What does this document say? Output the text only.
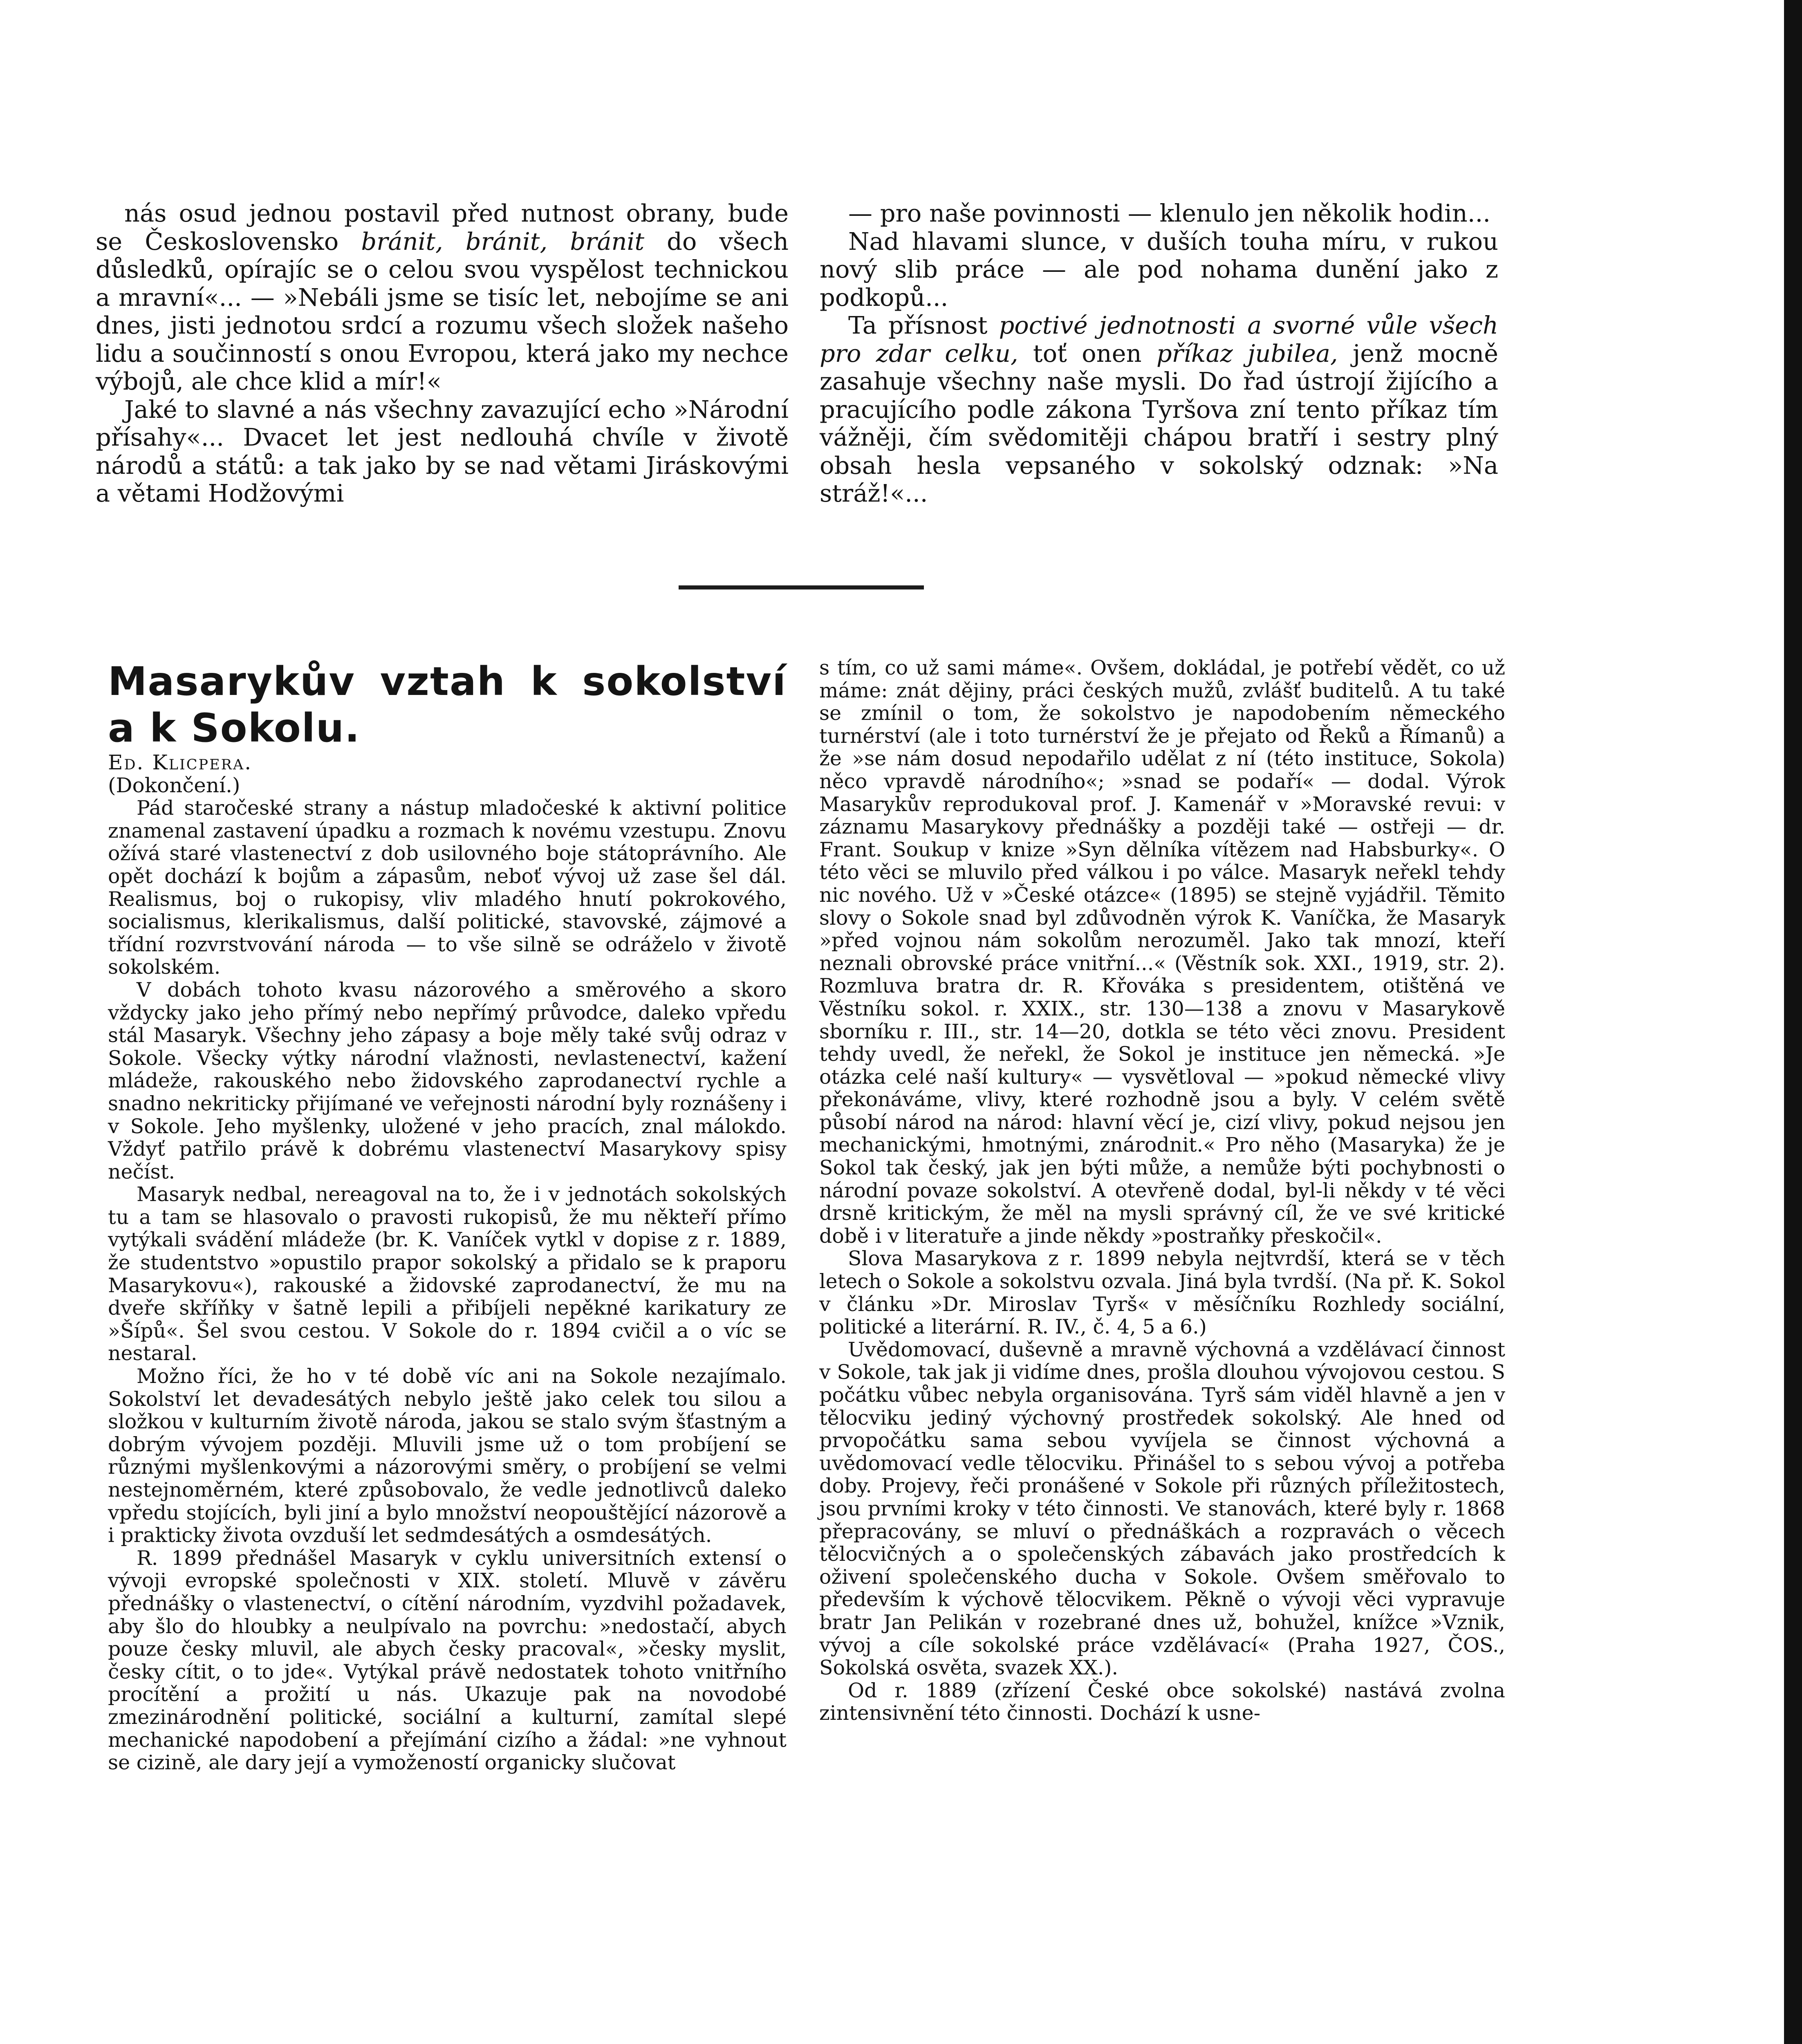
nás osud jednou postavil před nutnost obrany, bude se Československo bránit, bránit, bránit do všech důsledků, opírajíc se o celou svou vyspělost technickou a mravní«... — »Nebáli jsme se tisíc let, nebojíme se ani dnes, jisti jednotou srdcí a rozumu všech složek našeho lidu a součinností s onou Evropou, která jako my nechce výbojů, ale chce klid a mír!«

Jaké to slavné a nás všechny zavazující echo »Národní přísahy«... Dvacet let jest nedlouhá chvíle v životě národů a států: a tak jako by se nad větami Jiráskovými a větami Hodžovými

— pro naše povinnosti — klenulo jen několik hodin...

Nad hlavami slunce, v duších touha míru, v rukou nový slib práce — ale pod nohama dunění jako z podkopů...

Ta přísnost poctivé jednotnosti a svorné vůle všech pro zdar celku, toť onen příkaz jubilea, jenž mocně zasahuje všechny naše mysli. Do řad ústrojí žijícího a pracujícího podle zákona Tyršova zní tento příkaz tím vážněji, čím svědomitěji chápou bratří i sestry plný obsah hesla vepsaného v sokolský odznak: »Na stráž!«...

Masarykův vztah k sokolství a k Sokolu.

Ed. Klicpera.

(Dokončení.)

Pád staročeské strany a nástup mladočeské k aktivní politice znamenal zastavení úpadku a rozmach k novému vzestupu. Znovu ožívá staré vlastenectví z dob usilovného boje státoprávního. Ale opět dochází k bojům a zápasům, neboť vývoj už zase šel dál. Realismus, boj o rukopisy, vliv mladého hnutí pokrokového, socialismus, klerikalismus, další politické, stavovské, zájmové a třídní rozvrstvování národa — to vše silně se odráželo v životě sokolském.

V dobách tohoto kvasu názorového a směrového a skoro vždycky jako jeho přímý nebo nepřímý průvodce, daleko vpředu stál Masaryk. Všechny jeho zápasy a boje měly také svůj odraz v Sokole. Všecky výtky národní vlažnosti, nevlastenectví, kažení mládeže, rakouského nebo židovského zaprodanectví rychle a snadno nekriticky přijímané ve veřejnosti národní byly roznášeny i v Sokole. Jeho myšlenky, uložené v jeho pracích, znal málokdo. Vždyť patřilo právě k dobrému vlastenectví Masarykovy spisy nečíst.

Masaryk nedbal, nereagoval na to, že i v jednotách sokolských tu a tam se hlasovalo o pravosti rukopisů, že mu někteří přímo vytýkali svádění mládeže (br. K. Vaníček vytkl v dopise z r. 1889, že studentstvo »opustilo prapor sokolský a přidalo se k praporu Masarykovu«), rakouské a židovské zaprodanectví, že mu na dveře skříňky v šatně lepili a přibíjeli nepěkné karikatury ze »Šípů«. Šel svou cestou. V Sokole do r. 1894 cvičil a o víc se nestaral.

Možno říci, že ho v té době víc ani na Sokole nezajímalo. Sokolství let devadesátých nebylo ještě jako celek tou silou a složkou v kulturním životě národa, jakou se stalo svým šťastným a dobrým vývojem později. Mluvili jsme už o tom probíjení se různými myšlenkovými a názorovými směry, o probíjení se velmi nestejnoměrném, které způsobovalo, že vedle jednotlivců daleko vpředu stojících, byli jiní a bylo množství neopouštějící názorově a i prakticky života ovzduší let sedmdesátých a osmdesátých.

R. 1899 přednášel Masaryk v cyklu universitních extensí o vývoji evropské společnosti v XIX. století. Mluvě v závěru přednášky o vlastenectví, o cítění národním, vyzdvihl požadavek, aby šlo do hloubky a neulpívalo na povrchu: »nedostačí, abych pouze česky mluvil, ale abych česky pracoval«, »česky myslit, česky cítit, o to jde«. Vytýkal právě nedostatek tohoto vnitřního procítění a prožití u nás. Ukazuje pak na novodobé zmezinárodnění politické, sociální a kulturní, zamítal slepé mechanické napodobení a přejímání cizího a žádal: »ne vyhnout se cizině, ale dary její a vymožeností organicky slučovat

s tím, co už sami máme«. Ovšem, dokládal, je potřebí vědět, co už máme: znát dějiny, práci českých mužů, zvlášť buditelů. A tu také se zmínil o tom, že sokolstvo je napodobením německého turnérství (ale i toto turnérství že je přejato od Řeků a Římanů) a že »se nám dosud nepodařilo udělat z ní (této instituce, Sokola) něco vpravdě národního«; »snad se podaří« — dodal. Výrok Masarykův reprodukoval prof. J. Kamenář v »Moravské revui: v záznamu Masarykovy přednášky a později také — ostřeji — dr. Frant. Soukup v knize »Syn dělníka vítězem nad Habsburky«. O této věci se mluvilo před válkou i po válce. Masaryk neřekl tehdy nic nového. Už v »České otázce« (1895) se stejně vyjádřil. Těmito slovy o Sokole snad byl zdůvodněn výrok K. Vaníčka, že Masaryk »před vojnou nám sokolům nerozuměl. Jako tak mnozí, kteří neznali obrovské práce vnitřní...« (Věstník sok. XXI., 1919, str. 2). Rozmluva bratra dr. R. Křováka s presidentem, otištěná ve Věstníku sokol. r. XXIX., str. 130—138 a znovu v Masarykově sborníku r. III., str. 14—20, dotkla se této věci znovu. President tehdy uvedl, že neřekl, že Sokol je instituce jen německá. »Je otázka celé naší kultury« — vysvětloval — »pokud německé vlivy překonáváme, vlivy, které rozhodně jsou a byly. V celém světě působí národ na národ: hlavní věcí je, cizí vlivy, pokud nejsou jen mechanickými, hmotnými, znárodnit.« Pro něho (Masaryka) že je Sokol tak český, jak jen býti může, a nemůže býti pochybnosti o národní povaze sokolství. A otevřeně dodal, byl-li někdy v té věci drsně kritickým, že měl na mysli správný cíl, že ve své kritické době i v literatuře a jinde někdy »postraňky přeskočil«.

Slova Masarykova z r. 1899 nebyla nejtvrdší, která se v těch letech o Sokole a sokolstvu ozvala. Jiná byla tvrdší. (Na př. K. Sokol v článku »Dr. Miroslav Tyrš« v měsíčníku Rozhledy sociální, politické a literární. R. IV., č. 4, 5 a 6.)

Uvědomovací, duševně a mravně výchovná a vzdělávací činnost v Sokole, tak jak ji vidíme dnes, prošla dlouhou vývojovou cestou. S počátku vůbec nebyla organisována. Tyrš sám viděl hlavně a jen v tělocviku jediný výchovný prostředek sokolský. Ale hned od prvopočátku sama sebou vyvíjela se činnost výchovná a uvědomovací vedle tělocviku. Přinášel to s sebou vývoj a potřeba doby. Projevy, řeči pronášené v Sokole při různých příležitostech, jsou prvními kroky v této činnosti. Ve stanovách, které byly r. 1868 přepracovány, se mluví o přednáškách a rozpravách o věcech tělocvičných a o společenských zábavách jako prostředcích k oživení společenského ducha v Sokole. Ovšem směřovalo to především k výchově tělocvikem. Pěkně o vývoji věci vypravuje bratr Jan Pelikán v rozebrané dnes už, bohužel, knížce »Vznik, vývoj a cíle sokolské práce vzdělávací« (Praha 1927, ČOS., Sokolská osvěta, svazek XX.).

Od r. 1889 (zřízení České obce sokolské) nastává zvolna zintensivnění této činnosti. Dochází k usne-
